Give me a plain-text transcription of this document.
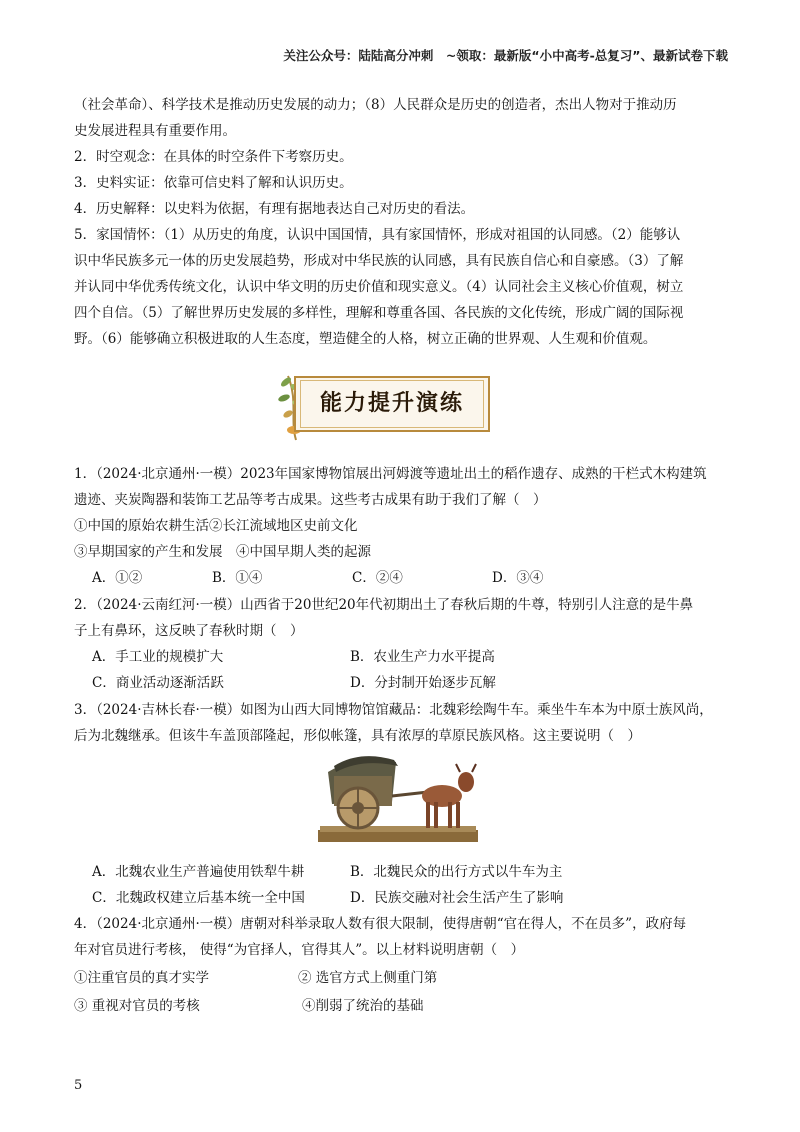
关注公众号：陆陆高分冲刺　~领取：最新版“小中高考-总复习”、最新试卷下载
（社会革命）、科学技术是推动历史发展的动力；（8）人民群众是历史的创造者，杰出人物对于推动历
史发展进程具有重要作用。
2．时空观念：在具体的时空条件下考察历史。
3．史料实证：依靠可信史料了解和认识历史。
4．历史解释：以史料为依据，有理有据地表达自己对历史的看法。
5．家国情怀：（1）从历史的角度，认识中国国情，具有家国情怀，形成对祖国的认同感。（2）能够认
识中华民族多元一体的历史发展趋势，形成对中华民族的认同感，具有民族自信心和自豪感。（3）了解
并认同中华优秀传统文化，认识中华文明的历史价值和现实意义。（4）认同社会主义核心价值观，树立
四个自信。（5）了解世界历史发展的多样性，理解和尊重各国、各民族的文化传统，形成广阔的国际视
野。（6）能够确立积极进取的人生态度，塑造健全的人格，树立正确的世界观、人生观和价值观。
能力提升演练
1．（2024·北京通州·一模）2023年国家博物馆展出河姆渡等遗址出土的稻作遗存、成熟的干栏式木构建筑
遗迹、夹炭陶器和装饰工艺品等考古成果。这些考古成果有助于我们了解（　）
①中国的原始农耕生活②长江流域地区史前文化
③早期国家的产生和发展　④中国早期人类的起源
A．①②	B．①④	C．②④	D．③④
2．（2024·云南红河·一模）山西省于20世纪20年代初期出土了春秋后期的牛尊，特别引人注意的是牛鼻
子上有鼻环，这反映了春秋时期（　）
A．手工业的规模扩大	B．农业生产力水平提高
C．商业活动逐渐活跃	D．分封制开始逐步瓦解
3．（2024·吉林长春·一模）如图为山西大同博物馆馆藏品：北魏彩绘陶牛车。乘坐牛车本为中原士族风尚，
后为北魏继承。但该牛车盖顶部隆起，形似帐篷，具有浓厚的草原民族风格。这主要说明（　）
A．北魏农业生产普遍使用铁犁牛耕	B．北魏民众的出行方式以牛车为主
C．北魏政权建立后基本统一全中国	D．民族交融对社会生活产生了影响
4．（2024·北京通州·一模）唐朝对科举录取人数有很大限制，使得唐朝“官在得人，不在员多”，政府每
年对官员进行考核， 使得“为官择人，官得其人”。以上材料说明唐朝（　）
①注重官员的真才实学	② 选官方式上侧重门第
③ 重视对官员的考核	④削弱了统治的基础
5
